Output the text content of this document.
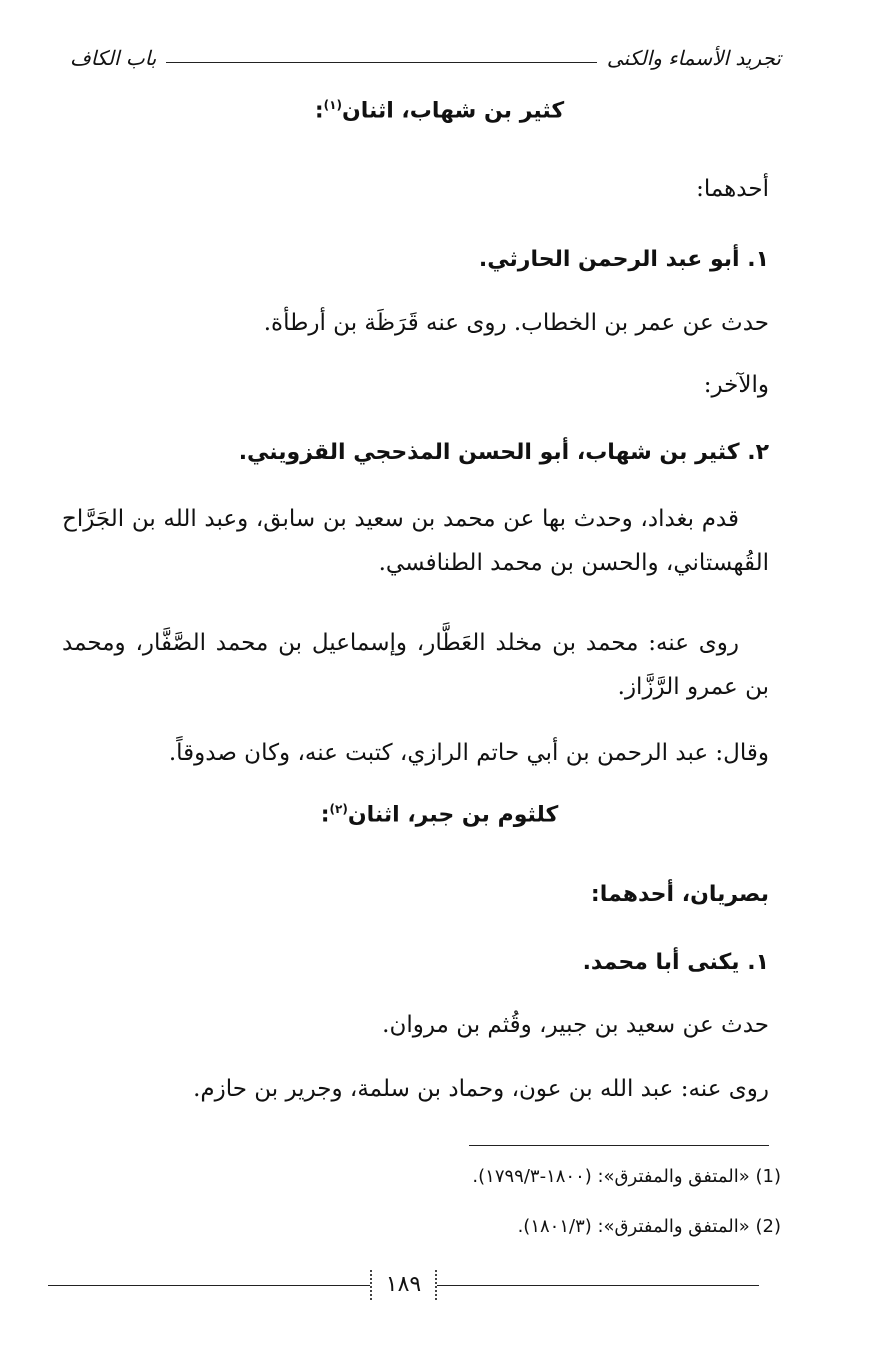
تجريد الأسماء والكنى
باب الكاف
كثير بن شهاب، اثنان$^{(١)}$:
أحدهما:
١. أبو عبد الرحمن الحارثي.
حدث عن عمر بن الخطاب. روى عنه قَرَظَة بن أرطأة.
والآخر:
٢. كثير بن شهاب، أبو الحسن المذحجي القزويني.
قدم بغداد، وحدث بها عن محمد بن سعيد بن سابق، وعبد الله بن الجَرَّاح القُهستاني، والحسن بن محمد الطنافسي.
روى عنه: محمد بن مخلد العَطَّار، وإسماعيل بن محمد الصَّفَّار، ومحمد بن عمرو الرَّزَّاز.
وقال: عبد الرحمن بن أبي حاتم الرازي، كتبت عنه، وكان صدوقاً.
كلثوم بن جبر، اثنان$^{(٢)}$:
بصريان، أحدهما:
١. يكنى أبا محمد.
حدث عن سعيد بن جبير، وقُثم بن مروان.
روى عنه: عبد الله بن عون، وحماد بن سلمة، وجرير بن حازم.
(1) «المتفق والمفترق»: (١٨٠٠-١٧٩٩/٣).
(2) «المتفق والمفترق»: (١٨٠١/٣).
١٨٩
